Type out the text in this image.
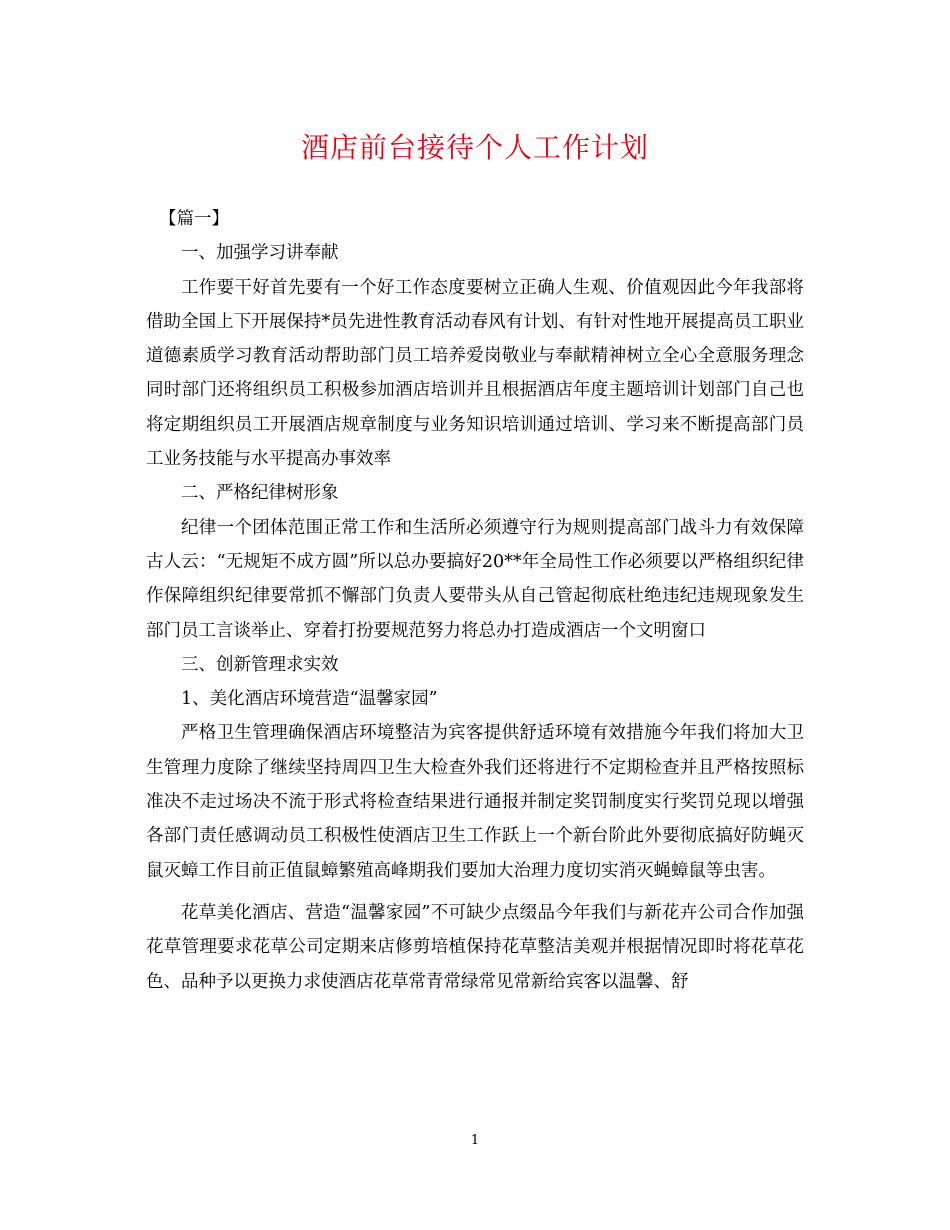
酒店前台接待个人工作计划

【篇一】

一、加强学习讲奉献

工作要干好首先要有一个好工作态度要树立正确人生观、价值观因此今年我部将借助全国上下开展保持*员先进性教育活动春风有计划、有针对性地开展提高员工职业道德素质学习教育活动帮助部门员工培养爱岗敬业与奉献精神树立全心全意服务理念同时部门还将组织员工积极参加酒店培训并且根据酒店年度主题培训计划部门自己也将定期组织员工开展酒店规章制度与业务知识培训通过培训、学习来不断提高部门员工业务技能与水平提高办事效率

二、严格纪律树形象

纪律一个团体范围正常工作和生活所必须遵守行为规则提高部门战斗力有效保障古人云：“无规矩不成方圆”所以总办要搞好20**年全局性工作必须要以严格组织纪律作保障组织纪律要常抓不懈部门负责人要带头从自己管起彻底杜绝违纪违规现象发生部门员工言谈举止、穿着打扮要规范努力将总办打造成酒店一个文明窗口

三、创新管理求实效

1、美化酒店环境营造“温馨家园”

严格卫生管理确保酒店环境整洁为宾客提供舒适环境有效措施今年我们将加大卫生管理力度除了继续坚持周四卫生大检查外我们还将进行不定期检查并且严格按照标准决不走过场决不流于形式将检查结果进行通报并制定奖罚制度实行奖罚兑现以增强各部门责任感调动员工积极性使酒店卫生工作跃上一个新台阶此外要彻底搞好防蝇灭鼠灭蟑工作目前正值鼠蟑繁殖高峰期我们要加大治理力度切实消灭蝇蟑鼠等虫害。

花草美化酒店、营造“温馨家园”不可缺少点缀品今年我们与新花卉公司合作加强花草管理要求花草公司定期来店修剪培植保持花草整洁美观并根据情况即时将花草花色、品种予以更换力求使酒店花草常青常绿常见常新给宾客以温馨、舒

1
